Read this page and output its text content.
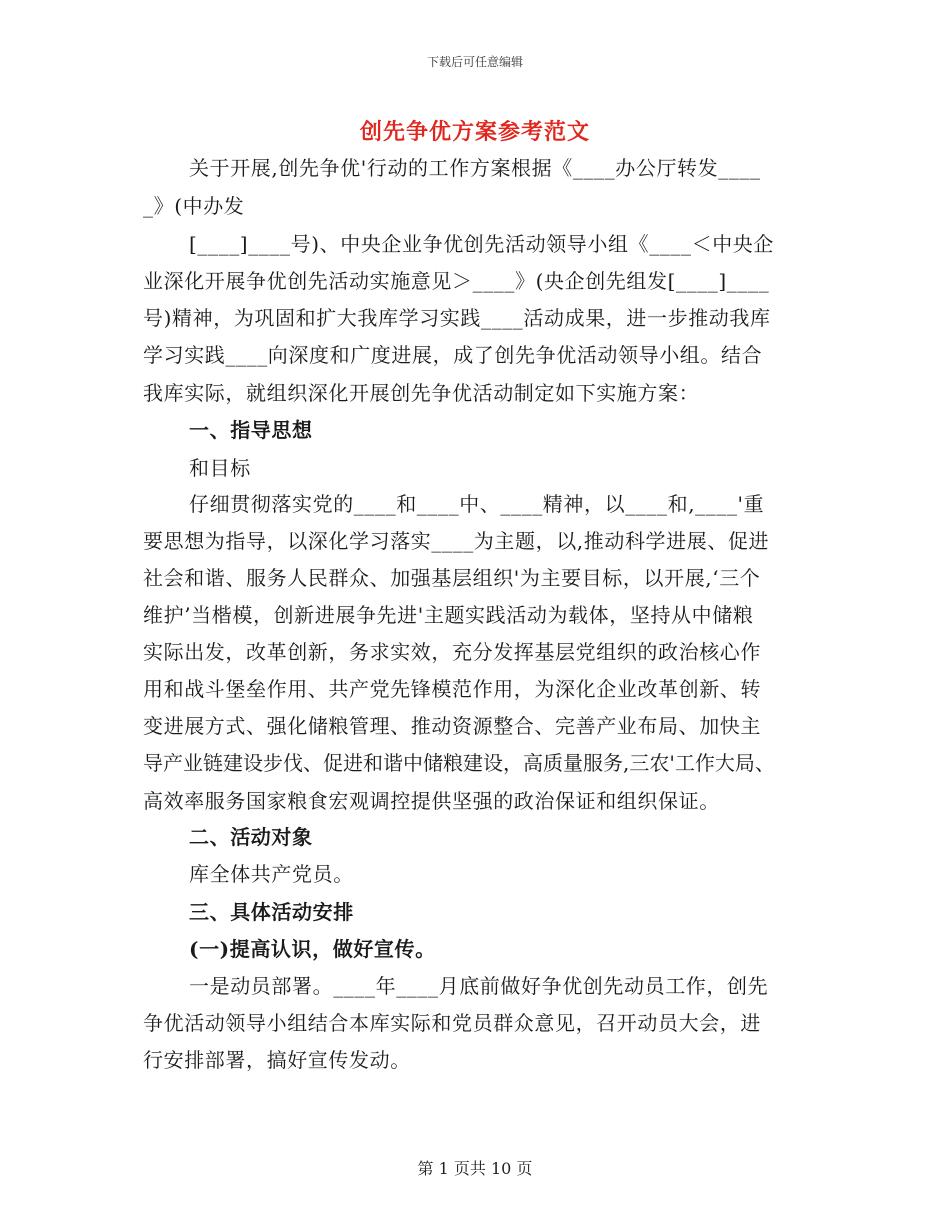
下载后可任意编辑
创先争优方案参考范文
关于开展,创先争优'行动的工作方案根据《____办公厅转发____
_》(中办发
[____]____号)、中央企业争优创先活动领导小组《____＜中央企
业深化开展争优创先活动实施意见＞____》(央企创先组发[____]____
号)精神，为巩固和扩大我库学习实践____活动成果，进一步推动我库
学习实践____向深度和广度进展，成了创先争优活动领导小组。结合
我库实际，就组织深化开展创先争优活动制定如下实施方案：
一、指导思想
和目标
仔细贯彻落实党的____和____中、____精神，以____和,____'重
要思想为指导，以深化学习落实____为主题，以,推动科学进展、促进
社会和谐、服务人民群众、加强基层组织'为主要目标，以开展,‘三个
维护’当楷模，创新进展争先进'主题实践活动为载体，坚持从中储粮
实际出发，改革创新，务求实效，充分发挥基层党组织的政治核心作
用和战斗堡垒作用、共产党先锋模范作用，为深化企业改革创新、转
变进展方式、强化储粮管理、推动资源整合、完善产业布局、加快主
导产业链建设步伐、促进和谐中储粮建设，高质量服务,三农'工作大局、
高效率服务国家粮食宏观调控提供坚强的政治保证和组织保证。
二、活动对象
库全体共产党员。
三、具体活动安排
(一)提高认识，做好宣传。
一是动员部署。____年____月底前做好争优创先动员工作，创先
争优活动领导小组结合本库实际和党员群众意见，召开动员大会，进
行安排部署，搞好宣传发动。
第 1 页共 10 页
